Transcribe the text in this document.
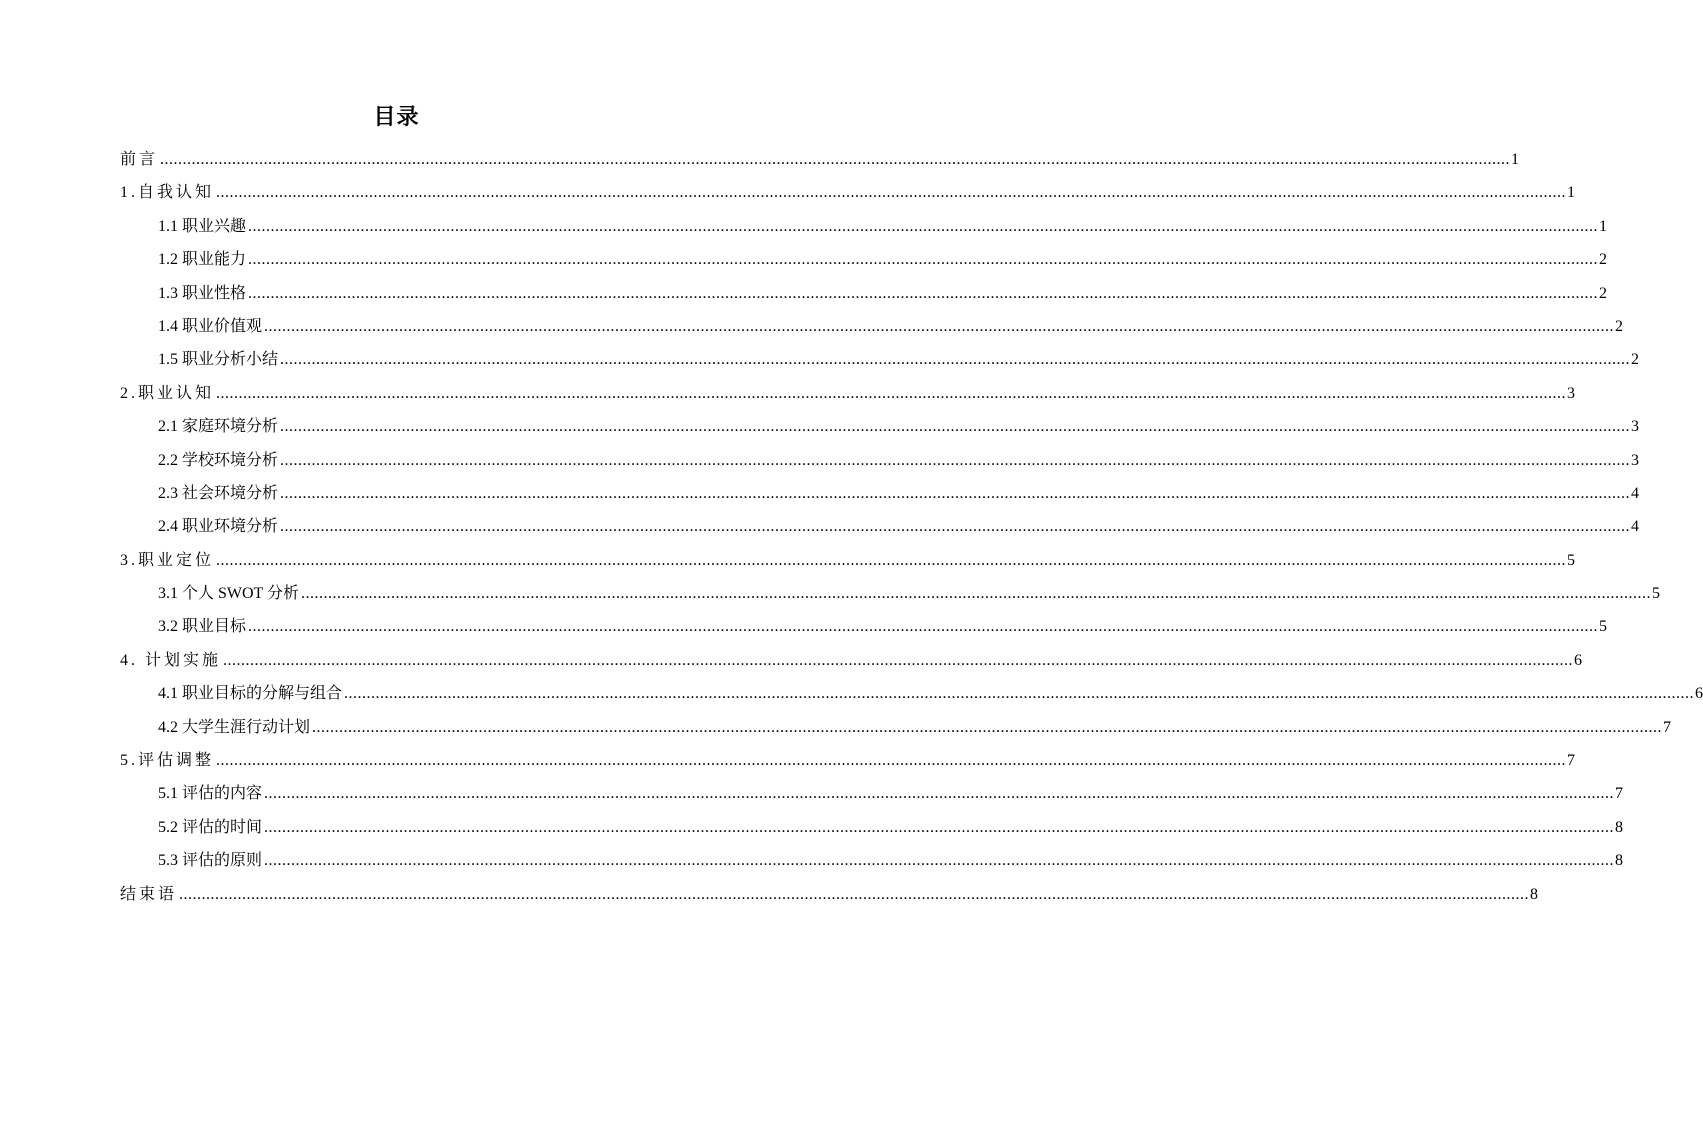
目录
前言 ............................................................................................................................................................................................................................................................................................................ 1
1.自我认知 ............................................................................................................................................................................................................................................................................................................ 1
1.1 职业兴趣 ............................................................................................................................................................................................................................................................................................................ 1
1.2 职业能力 ............................................................................................................................................................................................................................................................................................................ 2
1.3 职业性格 ............................................................................................................................................................................................................................................................................................................ 2
1.4 职业价值观 ............................................................................................................................................................................................................................................................................................................ 2
1.5 职业分析小结 ............................................................................................................................................................................................................................................................................................................ 2
2.职业认知 ............................................................................................................................................................................................................................................................................................................ 3
2.1 家庭环境分析 ............................................................................................................................................................................................................................................................................................................ 3
2.2 学校环境分析 ............................................................................................................................................................................................................................................................................................................ 3
2.3 社会环境分析 ............................................................................................................................................................................................................................................................................................................ 4
2.4 职业环境分析 ............................................................................................................................................................................................................................................................................................................ 4
3.职业定位 ............................................................................................................................................................................................................................................................................................................ 5
3.1 个人 SWOT 分析 ............................................................................................................................................................................................................................................................................................................ 5
3.2 职业目标 ............................................................................................................................................................................................................................................................................................................ 5
4. 计划实施 ............................................................................................................................................................................................................................................................................................................ 6
4.1 职业目标的分解与组合 ............................................................................................................................................................................................................................................................................................................ 6
4.2 大学生涯行动计划 ............................................................................................................................................................................................................................................................................................................ 7
5.评估调整 ............................................................................................................................................................................................................................................................................................................ 7
5.1 评估的内容 ............................................................................................................................................................................................................................................................................................................ 7
5.2 评估的时间 ............................................................................................................................................................................................................................................................................................................ 8
5.3 评估的原则 ............................................................................................................................................................................................................................................................................................................ 8
结束语 ............................................................................................................................................................................................................................................................................................................ 8
